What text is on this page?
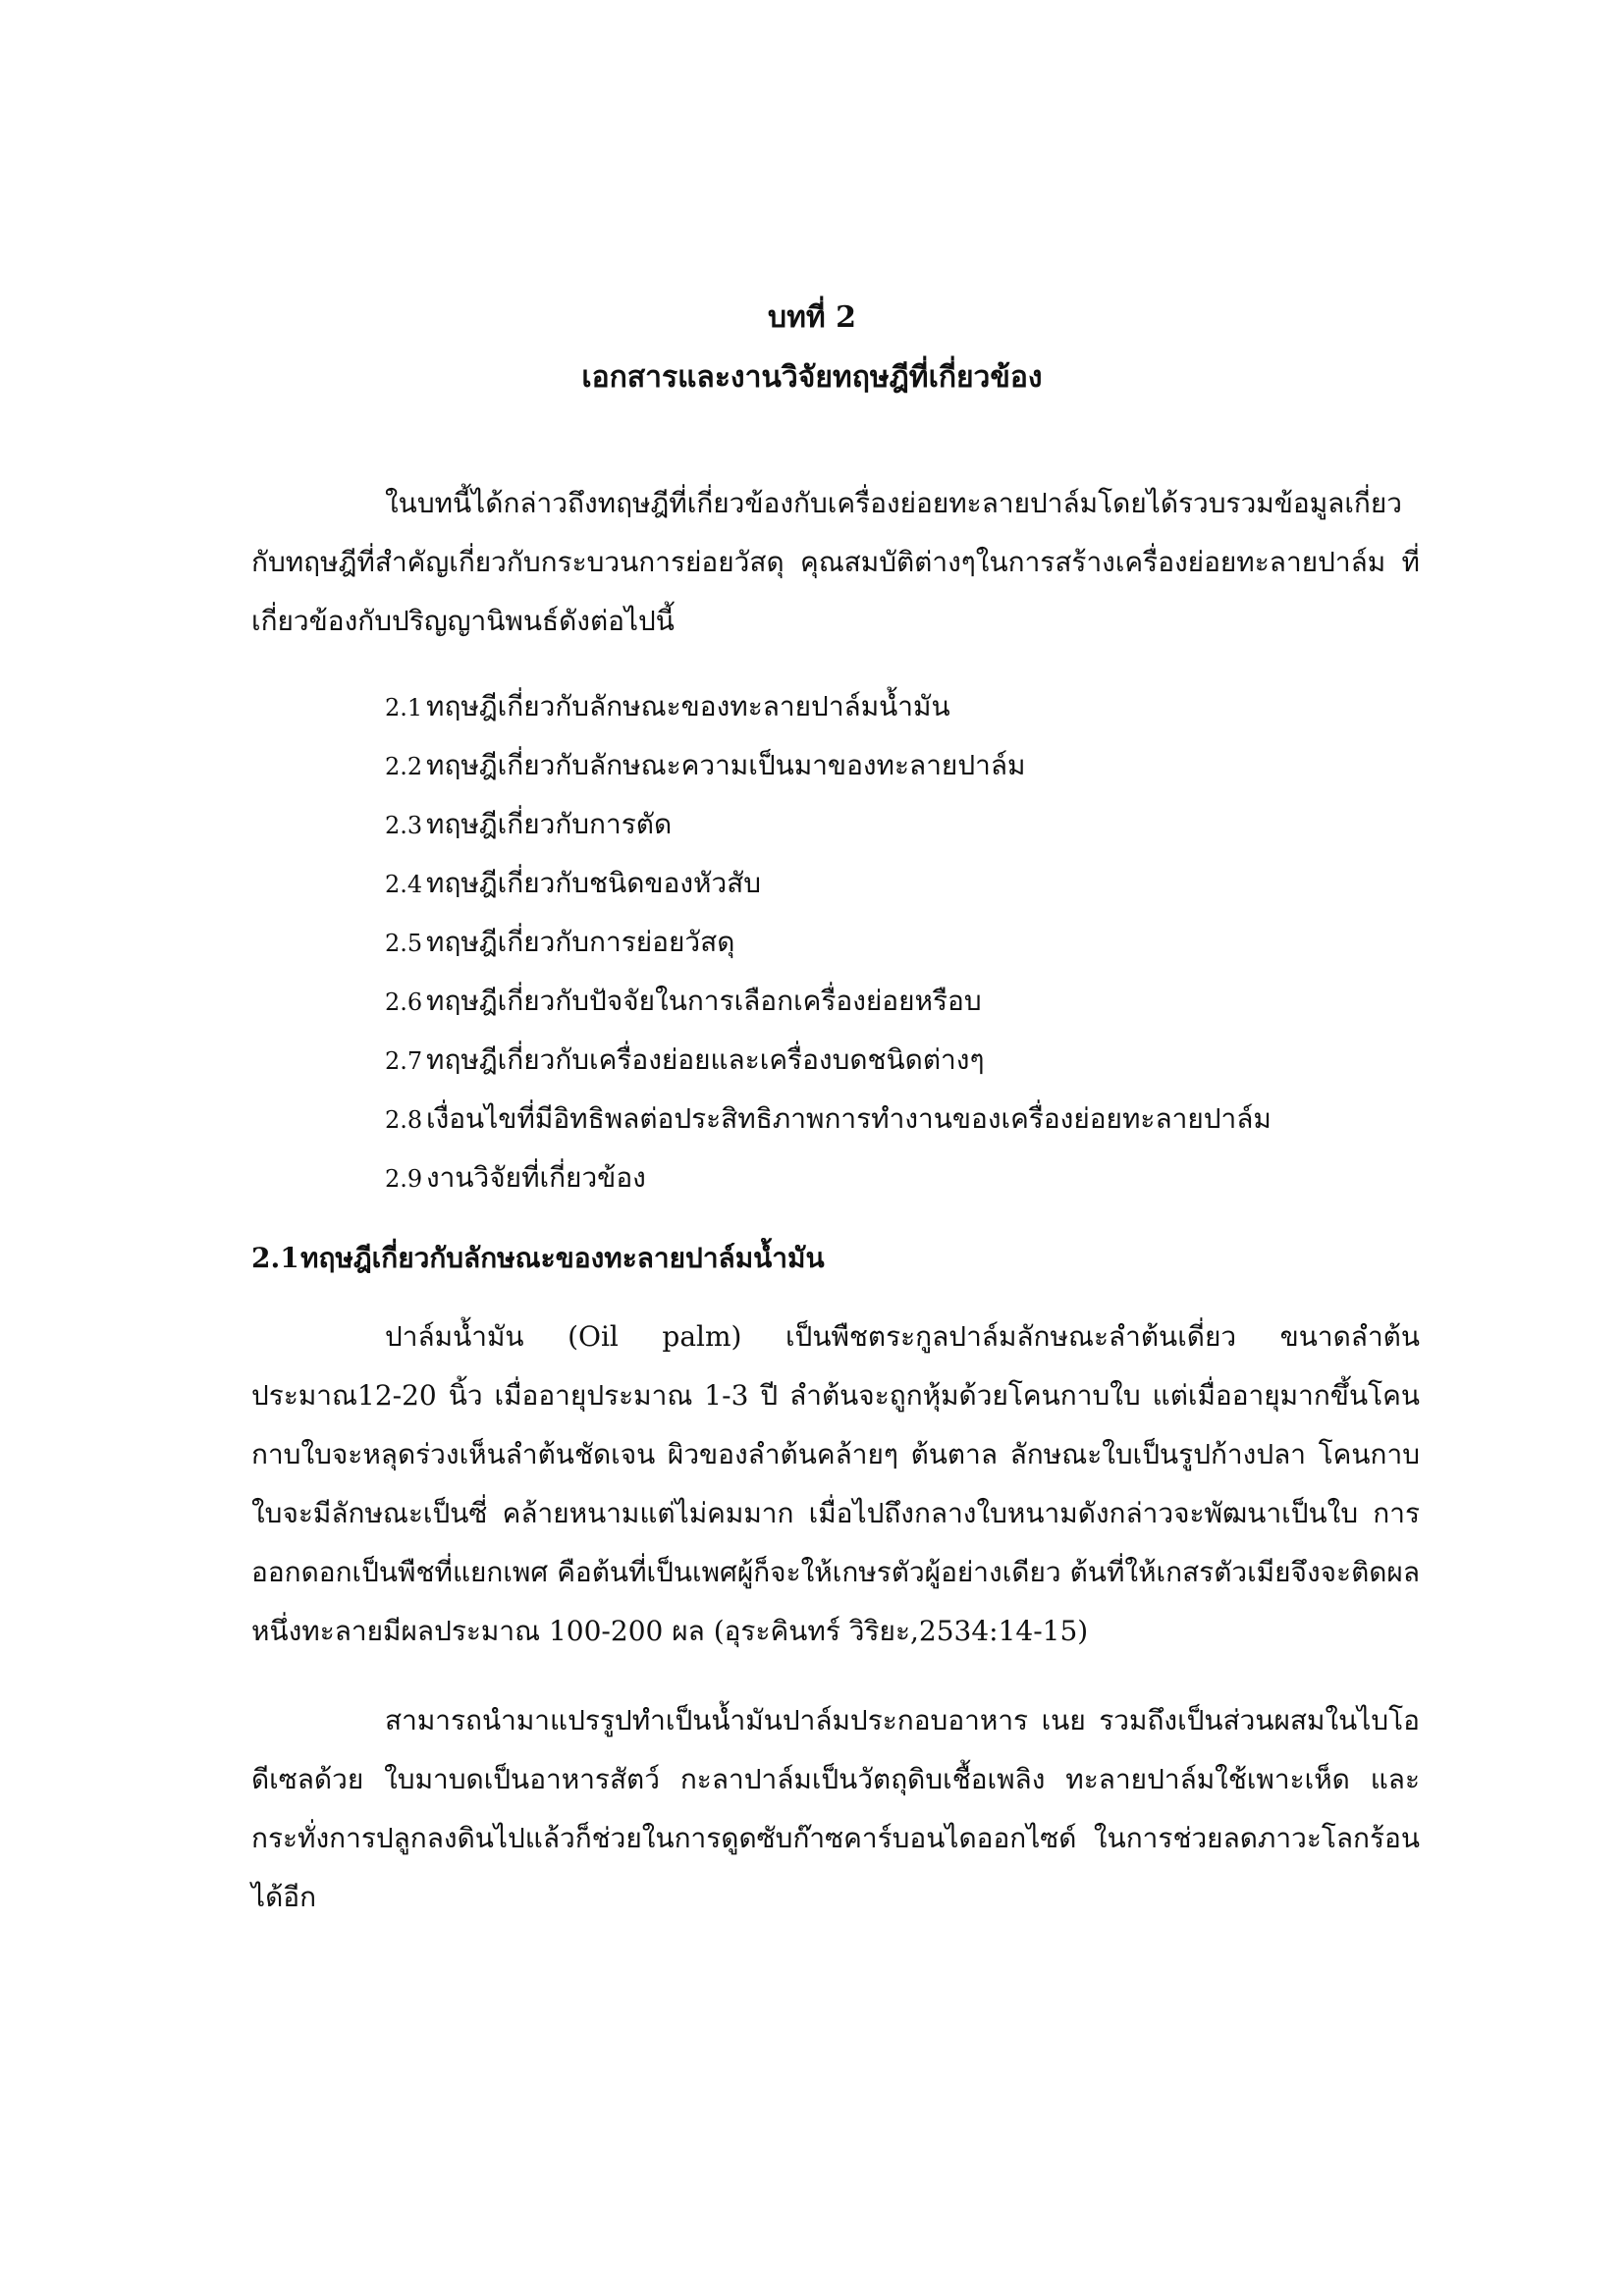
บทที่ 2
เอกสารและงานวิจัยทฤษฎีที่เกี่ยวข้อง

ในบทนี้ได้กล่าวถึงทฤษฎีที่เกี่ยวข้องกับเครื่องย่อยทะลายปาล์มโดยได้รวบรวมข้อมูลเกี่ยวกับทฤษฎีที่สำคัญเกี่ยวกับกระบวนการย่อยวัสดุ คุณสมบัติต่างๆในการสร้างเครื่องย่อยทะลายปาล์ม ที่เกี่ยวข้องกับปริญญานิพนธ์ดังต่อไปนี้

2.1 ทฤษฎีเกี่ยวกับลักษณะของทะลายปาล์มน้ำมัน
2.2 ทฤษฎีเกี่ยวกับลักษณะความเป็นมาของทะลายปาล์ม
2.3 ทฤษฎีเกี่ยวกับการตัด
2.4 ทฤษฎีเกี่ยวกับชนิดของหัวสับ
2.5 ทฤษฎีเกี่ยวกับการย่อยวัสดุ
2.6 ทฤษฎีเกี่ยวกับปัจจัยในการเลือกเครื่องย่อยหรือบ
2.7 ทฤษฎีเกี่ยวกับเครื่องย่อยและเครื่องบดชนิดต่างๆ
2.8 เงื่อนไขที่มีอิทธิพลต่อประสิทธิภาพการทำงานของเครื่องย่อยทะลายปาล์ม
2.9 งานวิจัยที่เกี่ยวข้อง
2.1ทฤษฎีเกี่ยวกับลักษณะของทะลายปาล์มน้ำมัน

ปาล์มน้ำมัน (Oil palm) เป็นพืชตระกูลปาล์มลักษณะลำต้นเดี่ยว ขนาดลำต้นประมาณ12-20 นิ้ว เมื่ออายุประมาณ 1-3 ปี ลำต้นจะถูกหุ้มด้วยโคนกาบใบ แต่เมื่ออายุมากขึ้นโคนกาบใบจะหลุดร่วงเห็นลำต้นชัดเจน ผิวของลำต้นคล้ายๆ ต้นตาล ลักษณะใบเป็นรูปก้างปลา โคนกาบใบจะมีลักษณะเป็นซี่ คล้ายหนามแต่ไม่คมมาก เมื่อไปถึงกลางใบหนามดังกล่าวจะพัฒนาเป็นใบ การออกดอกเป็นพืชที่แยกเพศ คือต้นที่เป็นเพศผู้ก็จะให้เกษรตัวผู้อย่างเดียว ต้นที่ให้เกสรตัวเมียจึงจะติดผลหนึ่งทะลายมีผลประมาณ 100-200 ผล (อุระคินทร์ วิริยะ,2534:14-15)

สามารถนำมาแปรรูปทำเป็นน้ำมันปาล์มประกอบอาหาร เนย รวมถึงเป็นส่วนผสมในไบโอดีเซลด้วย ใบมาบดเป็นอาหารสัตว์ กะลาปาล์มเป็นวัตถุดิบเชื้อเพลิง ทะลายปาล์มใช้เพาะเห็ด และกระทั่งการปลูกลงดินไปแล้วก็ช่วยในการดูดซับก๊าซคาร์บอนไดออกไซด์ ในการช่วยลดภาวะโลกร้อนได้อีก
